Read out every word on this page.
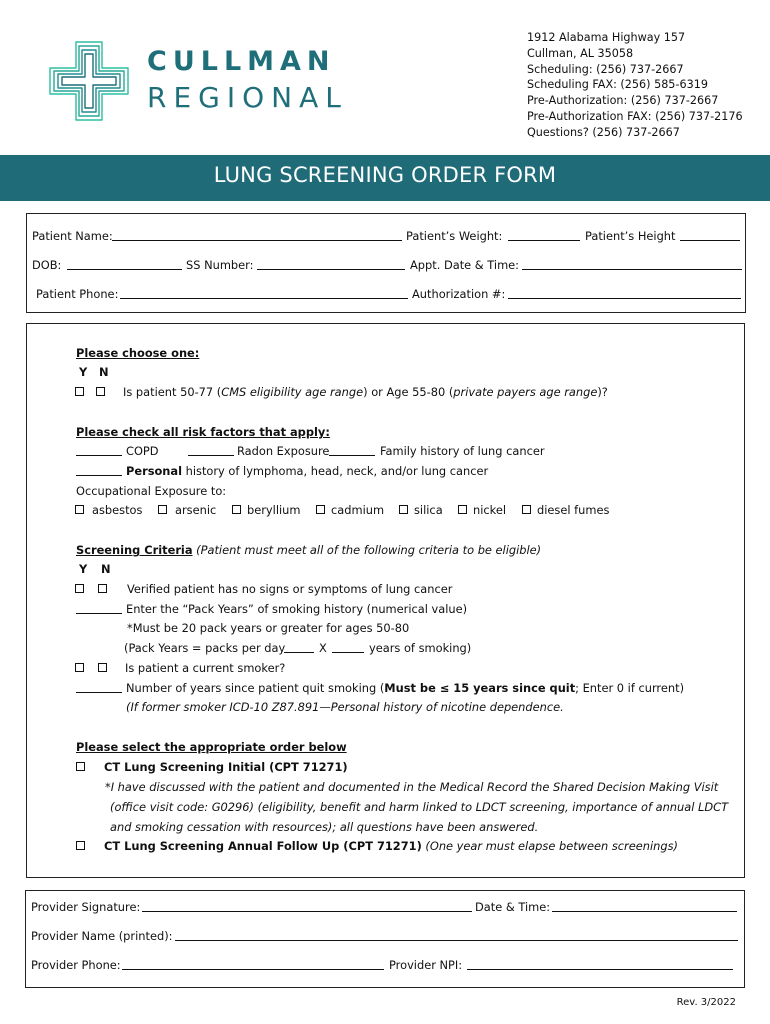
CULLMAN
REGIONAL
1912 Alabama Highway 157
Cullman, AL 35058
Scheduling: (256) 737-2667
Scheduling FAX: (256) 585-6319
Pre-Authorization: (256) 737-2667
Pre-Authorization FAX: (256) 737-2176
Questions? (256) 737-2667
LUNG SCREENING ORDER FORM
Patient Name:	Patient’s Weight:	Patient’s Height
DOB:	SS Number:	Appt. Date & Time:
Patient Phone:	Authorization #:
Please choose one:
Y N
Is patient 50-77 (CMS eligibility age range) or Age 55-80 (private payers age range)?
Please check all risk factors that apply:
COPD	Radon Exposure	Family history of lung cancer
Personal history of lymphoma, head, neck, and/or lung cancer
Occupational Exposure to:
asbestos	arsenic	beryllium	cadmium	silica	nickel	diesel fumes
Screening Criteria (Patient must meet all of the following criteria to be eligible)
Y N
Verified patient has no signs or symptoms of lung cancer
Enter the “Pack Years” of smoking history (numerical value)
*Must be 20 pack years or greater for ages 50-80
(Pack Years = packs per day	X	years of smoking)
Is patient a current smoker?
Number of years since patient quit smoking (Must be ≤ 15 years since quit; Enter 0 if current)
(If former smoker ICD-10 Z87.891—Personal history of nicotine dependence.
Please select the appropriate order below
CT Lung Screening Initial (CPT 71271)
*I have discussed with the patient and documented in the Medical Record the Shared Decision Making Visit
(office visit code: G0296) (eligibility, benefit and harm linked to LDCT screening, importance of annual LDCT
and smoking cessation with resources); all questions have been answered.
CT Lung Screening Annual Follow Up (CPT 71271) (One year must elapse between screenings)
Provider Signature:	Date & Time:
Provider Name (printed):
Provider Phone:	Provider NPI:
Rev. 3/2022
